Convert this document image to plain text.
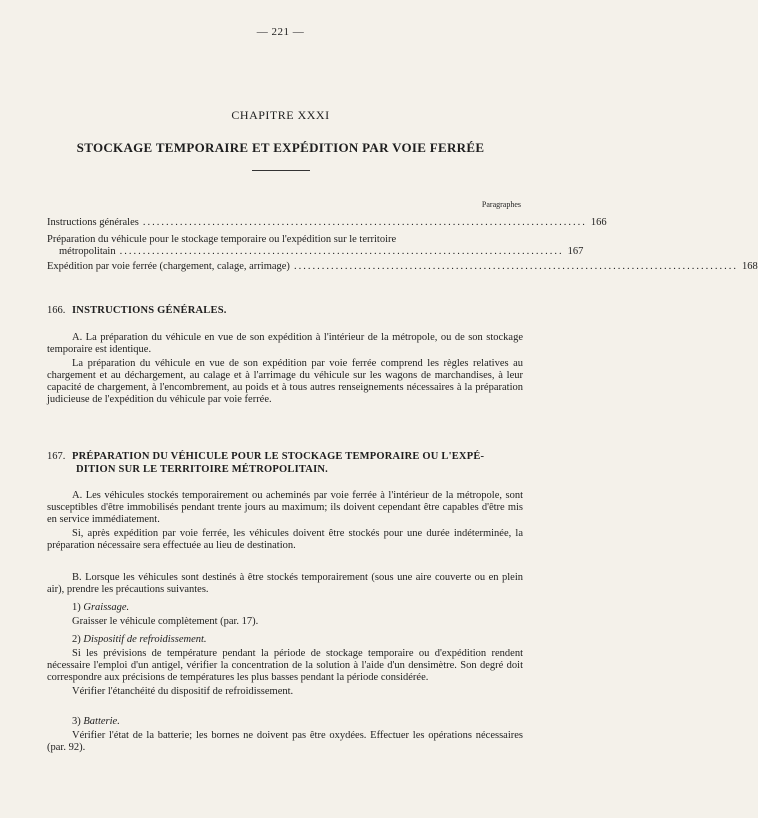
— 221 —
CHAPITRE XXXI
STOCKAGE TEMPORAIRE ET EXPÉDITION PAR VOIE FERRÉE
Paragraphes
Instructions générales ................................................................................................ 166
Préparation du véhicule pour le stockage temporaire ou l'expédition sur le territoire
métropolitain ................................................................................................ 167
Expédition par voie ferrée (chargement, calage, arrimage) ................................................................................................ 168
166. INSTRUCTIONS GÉNÉRALES.

A. La préparation du véhicule en vue de son expédition à l'intérieur de la métropole, ou de son stockage temporaire est identique.

La préparation du véhicule en vue de son expédition par voie ferrée comprend les règles relatives au chargement et au déchargement, au calage et à l'arrimage du véhicule sur les wagons de marchandises, à leur capacité de chargement, à l'encombrement, au poids et à tous autres renseignements nécessaires à la préparation judicieuse de l'expédition du véhicule par voie ferrée.

167. PRÉPARATION DU VÉHICULE POUR LE STOCKAGE TEMPORAIRE OU L'EXPÉ-
DITION SUR LE TERRITOIRE MÉTROPOLITAIN.

A. Les véhicules stockés temporairement ou acheminés par voie ferrée à l'intérieur de la métropole, sont susceptibles d'être immobilisés pendant trente jours au maximum; ils doivent cependant être capables d'être mis en service immédiatement.

Si, après expédition par voie ferrée, les véhicules doivent être stockés pour une durée indéterminée, la préparation nécessaire sera effectuée au lieu de destination.

B. Lorsque les véhicules sont destinés à être stockés temporairement (sous une aire couverte ou en plein air), prendre les précautions suivantes.

1) Graissage.

Graisser le véhicule complètement (par. 17).

2) Dispositif de refroidissement.

Si les prévisions de température pendant la période de stockage temporaire ou d'expédition rendent nécessaire l'emploi d'un antigel, vérifier la concentration de la solution à l'aide d'un densimètre. Son degré doit correspondre aux précisions de températures les plus basses pendant la période considérée.

Vérifier l'étanchéité du dispositif de refroidissement.

3) Batterie.

Vérifier l'état de la batterie; les bornes ne doivent pas être oxydées. Effectuer les opérations nécessaires (par. 92).
